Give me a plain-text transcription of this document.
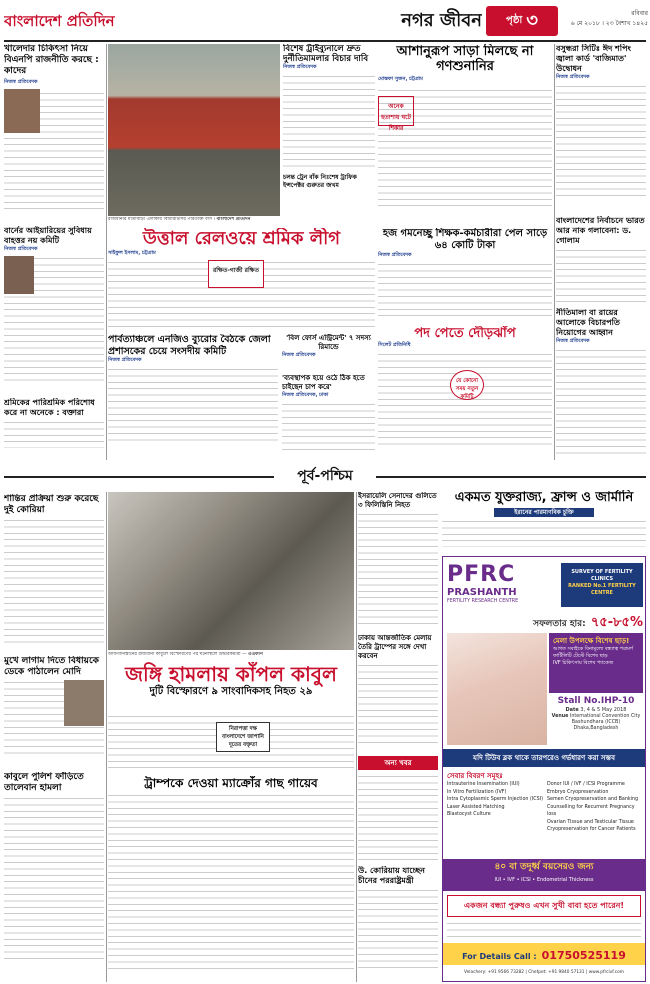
বাংলাদেশ প্রতিদিন	নগর জীবন পৃষ্ঠা ৩	রবিবার
৬ মে ২০১৮ । ২৩ বৈশাখ ১৪২৫
খালেদার চিকিৎসা নিয়ে বিএনপি রাজনীতি করছে : কাদের
নিজস্ব প্রতিবেদক
বার্নের আইয়ারিয়ের সুবিধায় বাহত্তর নয় কমিটি
নিজস্ব প্রতিবেদক
শ্রমিকের পারিশ্রমিক পরিশোধ করে না অনেকে : বক্তারা
রাজধানীর যাত্রাবাড়ী এলাকায় বিআরটিসির পরিত্যক্ত বাস । বাংলাদেশ প্রতিদিন
বিশেষ ট্রাইব্যুনালে দ্রুত দুর্নীতিমামলার বিচার দাবি
নিজস্ব প্রতিবেদক
চলন্ত ট্রেন বাঁক নিঃশেষ ট্রাফিক ইন্সপেক্টর গুরুতর জখম
আশানুরূপ সাড়া মিলছে না গণশুনানির
মোস্তফা সুজন, চট্টগ্রাম
অনেক হতাশায় ঘটে শিকার
বসুন্ধরা সিটিঃ ঈদ শপিং জ্বালা কার্ড 'বাজিমাত' উদ্বোধন
নিজস্ব প্রতিবেদক
বাংলাদেশের নির্বাচনে ভারত আর নাক গলাবেনা: ড. গোলাম
নীতিমালা বা রায়ের আলোকে বিচারপতি নিয়োগের আহ্বান
নিজস্ব প্রতিবেদক
উত্তাল রেলওয়ে শ্রমিক লীগ
সাইফুল ইসলাম, চট্টগ্রাম
রক্ষিত-গাজী রক্ষিত
হজ গমনেচ্ছু শিক্ষক-কর্মচারীরা পেল সাড়ে ৬৪ কোটি টাকা
নিজস্ব প্রতিবেদক
পার্বত্যাঞ্চলে এনজিও ব্যুরোর বৈঠকে জেলা প্রশাসকের চেয়ে সংসদীয় কমিটি
নিজস্ব প্রতিবেদক
'বিল ফোর্স এন্ট্রিমেন্ট' ৭ সদস্য রিমান্ডে
নিজস্ব প্রতিবেদক
'ব্যবস্থাপক হয়ে ওঠে ঠিক হতে চাইছেন চাপ করে'
নিজস্ব প্রতিবেদক, ঢাকা
পদ পেতে দৌড়ঝাঁপ
সিলেট প্রতিনিধি
যে কোনো সময় নতুন কমিটি
পূর্ব-পশ্চিম
শান্তির প্রক্রিয়া শুরু করেছে দুই কোরিয়া
মুখে লাগাম দিতে বিধায়কে ডেকে পাঠালেন মোদি
কাবুলে পুলিশ ফাঁড়িতে তালেবান হামলা
আফগানিস্তানের রাজধানী কাবুলে বিস্ফোরণের পর ঘটনাস্থলে উদ্ধারকর্মীরা — এএফপি
জঙ্গি হামলায় কাঁপল কাবুল
দুটি বিস্ফোরণে ৯ সাংবাদিকসহ নিহত ২৯
নিরাপত্তা দক্ষ বাংলাদেশে জাপানি দূতের বক্তৃতা
ট্রাম্পকে দেওয়া ম্যাক্রোঁর গাছ গায়েব
ইসরায়েলি সেনাদের গুলিতে ৩ ফিলিস্তিনি নিহত
ঢাকায় আন্তর্জাতিক মেলায় তৈরি ট্রাম্পের সঙ্গে দেখা করবেন
অন্য খবর
উ. কোরিয়ায় যাচ্ছেন চীনের পররাষ্ট্রমন্ত্রী
একমত যুক্তরাজ্য, ফ্রান্স ও জার্মানি
ইরানের পারমাণবিক চুক্তি
PFRC
PRASHANTH
FERTILITY RESEARCH CENTRE
SURVEY OF FERTILITY CLINICS
RANKED No.1 FERTILITY CENTRE
সফলতার হার: ৭৫-৮৫%
মেলা উপলক্ষে বিশেষ ছাড়!
আগত সবাইকে বিনামূল্যে বন্ধ্যাত্ব পরামর্শ
ফার্টিলিটি টেস্টে বিশেষ ছাড়
IVF চিকিৎসায় বিশেষ প্যাকেজ
Stall No.IHP-10
Date 3, 4 & 5 May 2018
Venue International Convention City Bashundhara (ICCB) Dhaka,Bangladesh
যদি টিউব ব্লক থাকে তারপরেও গর্ভধারণ করা সম্ভব
সেবার বিবরণ সমূহঃ
Intrauterine Insemination (IUI)
In Vitro Fertilization (IVF)
Intra Cytoplasmic Sperm Injection (ICSI)
Laser Assisted Hatching
Blastocyst Culture
Donor IUI / IVF / ICSI Programme
Embryo Cryopreservation
Semen Cryopreservation and Banking
Counselling for Recurrent Pregnancy loss
Ovarian Tissue and Testicular Tissue
Cryopreservation for Cancer Patients
৪০ বা তদূর্ধ্ব বয়সেরও জন্য
IUI • IVF • ICSI • Endometrial Thickness
একজন বন্ধ্যা পুরুষও এখন সুখী বাবা হতে পারেন!
For Details Call : 01750525119
Velachery: +91 9566 73282 | Chetpet: +91 9840 57131 | www.pfrcivf.com
